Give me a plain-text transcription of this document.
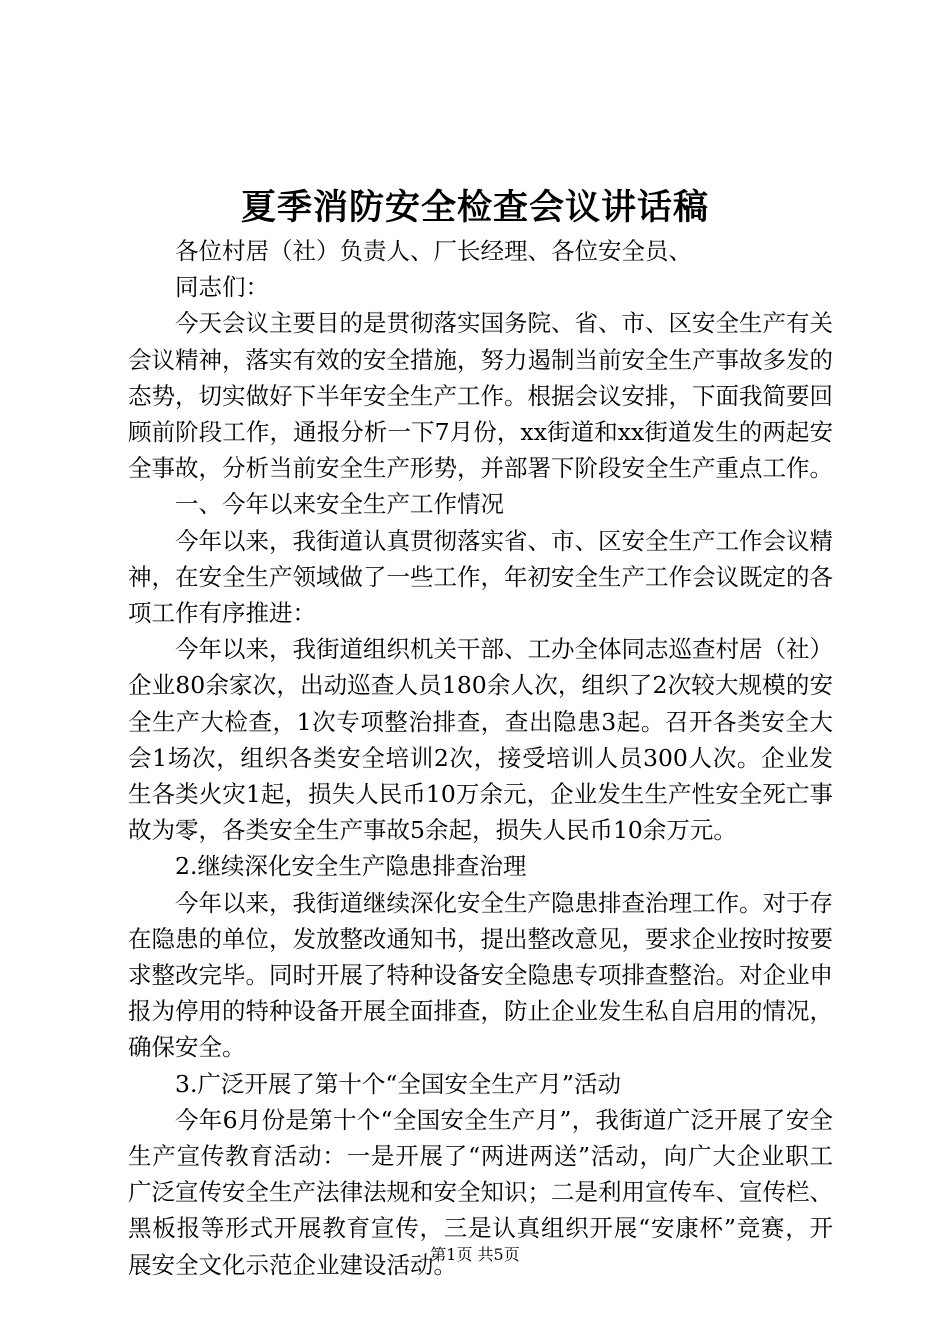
夏季消防安全检查会议讲话稿

各位村居（社）负责人、厂长经理、各位安全员、

同志们：

今天会议主要目的是贯彻落实国务院、省、市、区安全生产有关会议精神，落实有效的安全措施，努力遏制当前安全生产事故多发的态势，切实做好下半年安全生产工作。根据会议安排，下面我简要回顾前阶段工作，通报分析一下7月份，xx街道和xx街道发生的两起安全事故，分析当前安全生产形势，并部署下阶段安全生产重点工作。

一、今年以来安全生产工作情况

今年以来，我街道认真贯彻落实省、市、区安全生产工作会议精神，在安全生产领域做了一些工作，年初安全生产工作会议既定的各项工作有序推进：

今年以来，我街道组织机关干部、工办全体同志巡查村居（社）企业80余家次，出动巡查人员180余人次，组织了2次较大规模的安全生产大检查，1次专项整治排查，查出隐患3起。召开各类安全大会1场次，组织各类安全培训2次，接受培训人员300人次。企业发生各类火灾1起，损失人民币10万余元，企业发生生产性安全死亡事故为零，各类安全生产事故5余起，损失人民币10余万元。

2.继续深化安全生产隐患排查治理

今年以来，我街道继续深化安全生产隐患排查治理工作。对于存在隐患的单位，发放整改通知书，提出整改意见，要求企业按时按要求整改完毕。同时开展了特种设备安全隐患专项排查整治。对企业申报为停用的特种设备开展全面排查，防止企业发生私自启用的情况，确保安全。

3.广泛开展了第十个“全国安全生产月”活动

今年6月份是第十个“全国安全生产月”，我街道广泛开展了安全生产宣传教育活动：一是开展了“两进两送”活动，向广大企业职工广泛宣传安全生产法律法规和安全知识；二是利用宣传车、宣传栏、黑板报等形式开展教育宣传，三是认真组织开展“安康杯”竞赛，开展安全文化示范企业建设活动。

第1页 共5页
